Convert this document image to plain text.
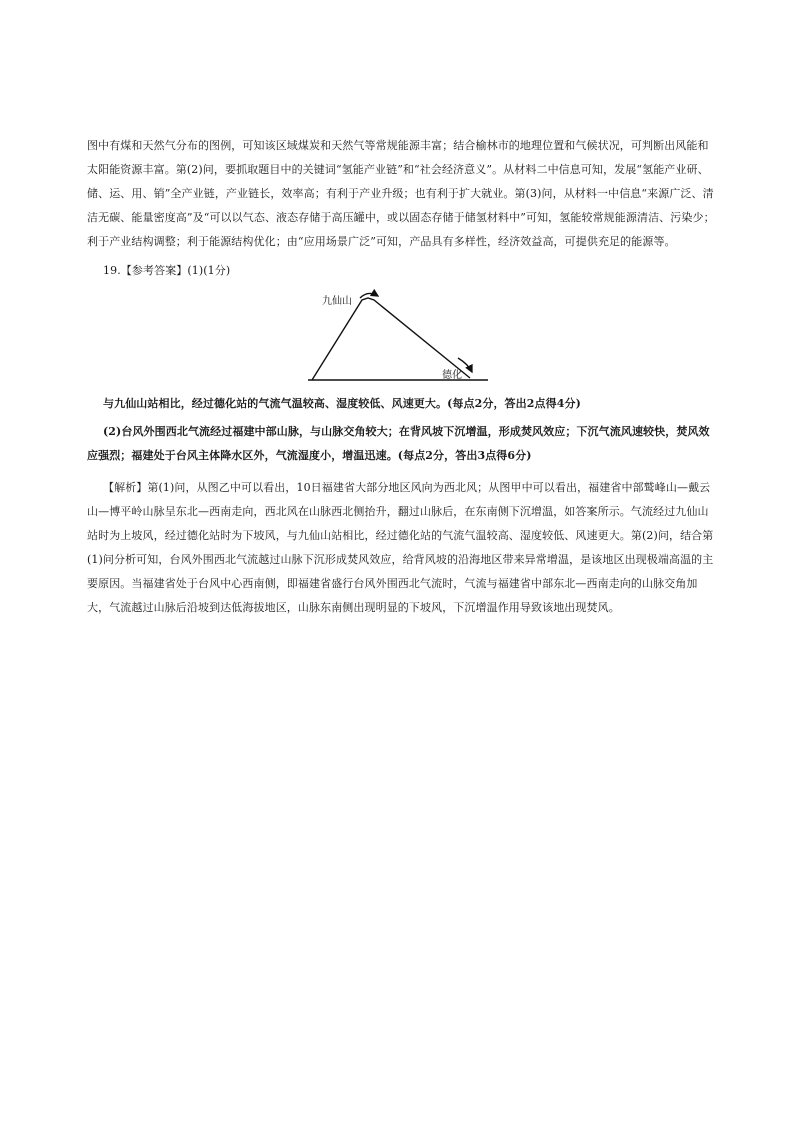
图中有煤和天然气分布的图例，可知该区域煤炭和天然气等常规能源丰富；结合榆林市的地理位置和气候状况，可判断出风能和太阳能资源丰富。第(2)问，要抓取题目中的关键词“氢能产业链”和“社会经济意义”。从材料二中信息可知，发展“氢能产业研、储、运、用、销”全产业链，产业链长，效率高；有利于产业升级；也有利于扩大就业。第(3)问，从材料一中信息“来源广泛、清洁无碳、能量密度高”及“可以以气态、液态存储于高压罐中，或以固态存储于储氢材料中”可知，氢能较常规能源清洁、污染少；利于产业结构调整；利于能源结构优化；由“应用场景广泛”可知，产品具有多样性，经济效益高，可提供充足的能源等。
19.【参考答案】(1)(1分)
九仙山
德化
与九仙山站相比，经过德化站的气流气温较高、湿度较低、风速更大。(每点2分，答出2点得4分)
(2)台风外围西北气流经过福建中部山脉，与山脉交角较大；在背风坡下沉增温，形成焚风效应；下沉气流风速较快，焚风效应强烈；福建处于台风主体降水区外，气流湿度小，增温迅速。(每点2分，答出3点得6分)
【解析】第(1)问，从图乙中可以看出，10日福建省大部分地区风向为西北风；从图甲中可以看出，福建省中部鹫峰山—戴云山—博平岭山脉呈东北—西南走向，西北风在山脉西北侧抬升，翻过山脉后，在东南侧下沉增温，如答案所示。气流经过九仙山站时为上坡风，经过德化站时为下坡风，与九仙山站相比，经过德化站的气流气温较高、湿度较低、风速更大。第(2)问，结合第(1)问分析可知，台风外围西北气流越过山脉下沉形成焚风效应，给背风坡的沿海地区带来异常增温，是该地区出现极端高温的主要原因。当福建省处于台风中心西南侧，即福建省盛行台风外围西北气流时，气流与福建省中部东北—西南走向的山脉交角加大，气流越过山脉后沿坡到达低海拔地区，山脉东南侧出现明显的下坡风，下沉增温作用导致该地出现焚风。
